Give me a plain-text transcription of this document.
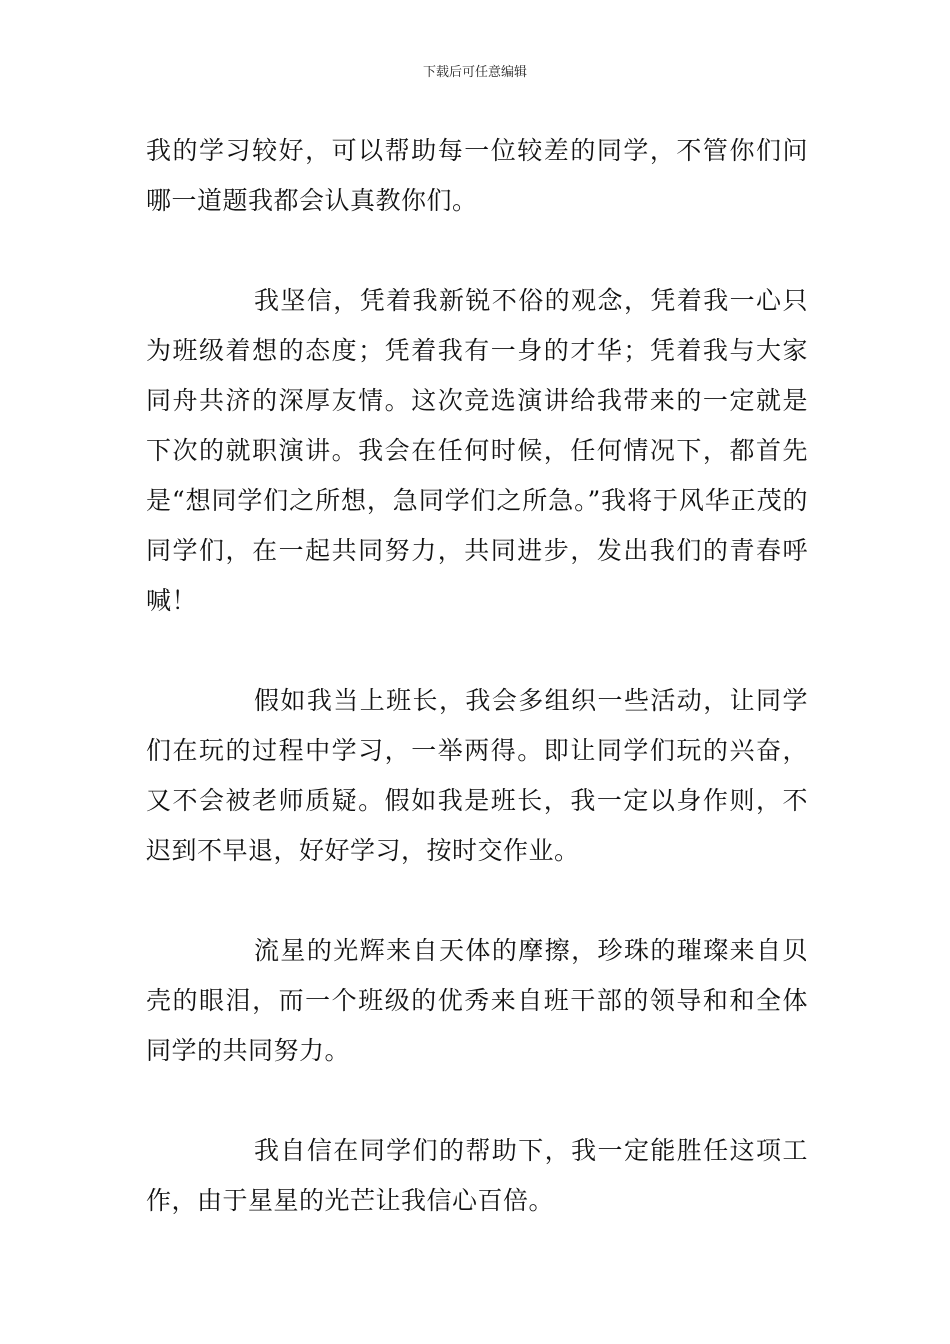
下载后可任意编辑

我的学习较好，可以帮助每一位较差的同学，不管你们问哪一道题我都会认真教你们。

我坚信，凭着我新锐不俗的观念，凭着我一心只为班级着想的态度；凭着我有一身的才华；凭着我与大家同舟共济的深厚友情。这次竞选演讲给我带来的一定就是下次的就职演讲。我会在任何时候，任何情况下，都首先是“想同学们之所想，急同学们之所急。”我将于风华正茂的同学们，在一起共同努力，共同进步，发出我们的青春呼喊！

假如我当上班长，我会多组织一些活动，让同学们在玩的过程中学习，一举两得。即让同学们玩的兴奋，又不会被老师质疑。假如我是班长，我一定以身作则，不迟到不早退，好好学习，按时交作业。

流星的光辉来自天体的摩擦，珍珠的璀璨来自贝壳的眼泪，而一个班级的优秀来自班干部的领导和和全体同学的共同努力。

我自信在同学们的帮助下，我一定能胜任这项工作，由于星星的光芒让我信心百倍。
